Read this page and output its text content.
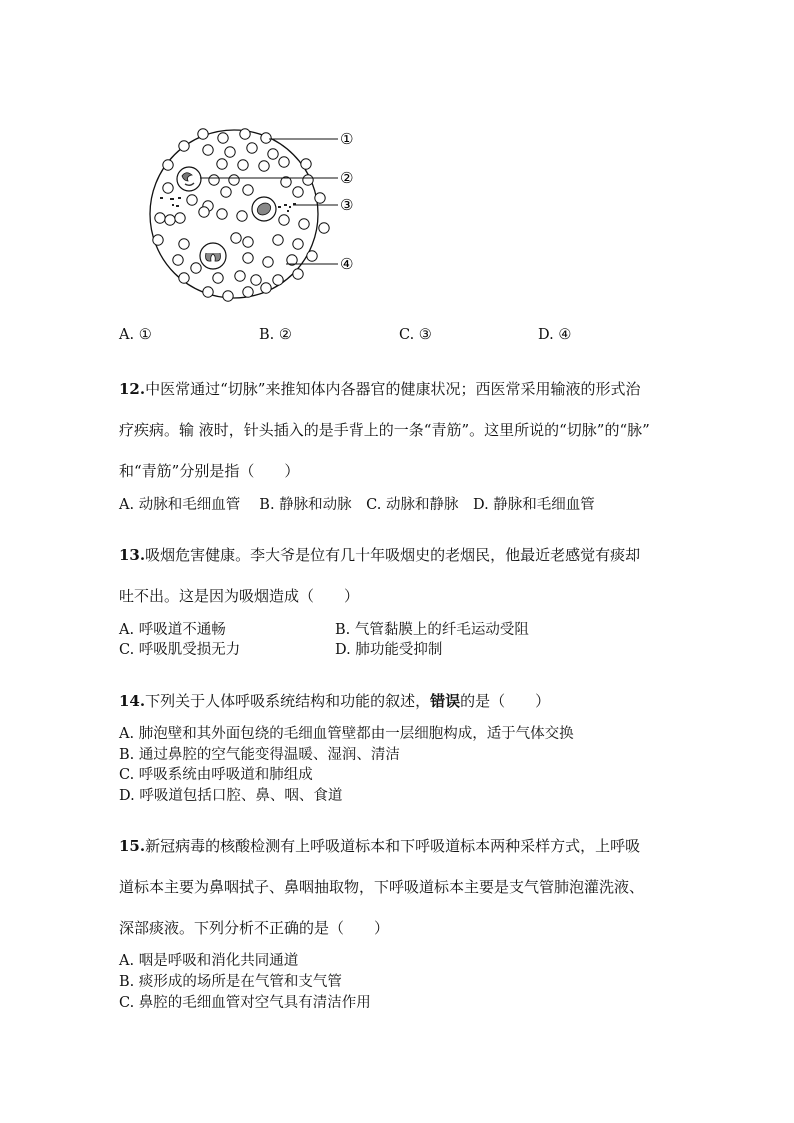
①
②
③
④
A. ①	B. ②	C. ③	D. ④
12.中医常通过“切脉”来推知体内各器官的健康状况；西医常采用输液的形式治
疗疾病。输 液时，针头插入的是手背上的一条“青筋”。这里所说的“切脉”的“脉”
和“青筋”分别是指（　　）
A. 动脉和毛细血管　 B. 静脉和动脉　C. 动脉和静脉　D. 静脉和毛细血管
13.吸烟危害健康。李大爷是位有几十年吸烟史的老烟民，他最近老感觉有痰却
吐不出。这是因为吸烟造成（　　）
A. 呼吸道不通畅	B. 气管黏膜上的纤毛运动受阻
C. 呼吸肌受损无力	D. 肺功能受抑制
14.下列关于人体呼吸系统结构和功能的叙述，错误的是（　　）
A. 肺泡壁和其外面包绕的毛细血管壁都由一层细胞构成，适于气体交换
B. 通过鼻腔的空气能变得温暖、湿润、清洁
C. 呼吸系统由呼吸道和肺组成
D. 呼吸道包括口腔、鼻、咽、食道
15.新冠病毒的核酸检测有上呼吸道标本和下呼吸道标本两种采样方式，上呼吸
道标本主要为鼻咽拭子、鼻咽抽取物，下呼吸道标本主要是支气管肺泡灌洗液、
深部痰液。下列分析不正确的是（　　）
A. 咽是呼吸和消化共同通道
B. 痰形成的场所是在气管和支气管
C. 鼻腔的毛细血管对空气具有清洁作用
